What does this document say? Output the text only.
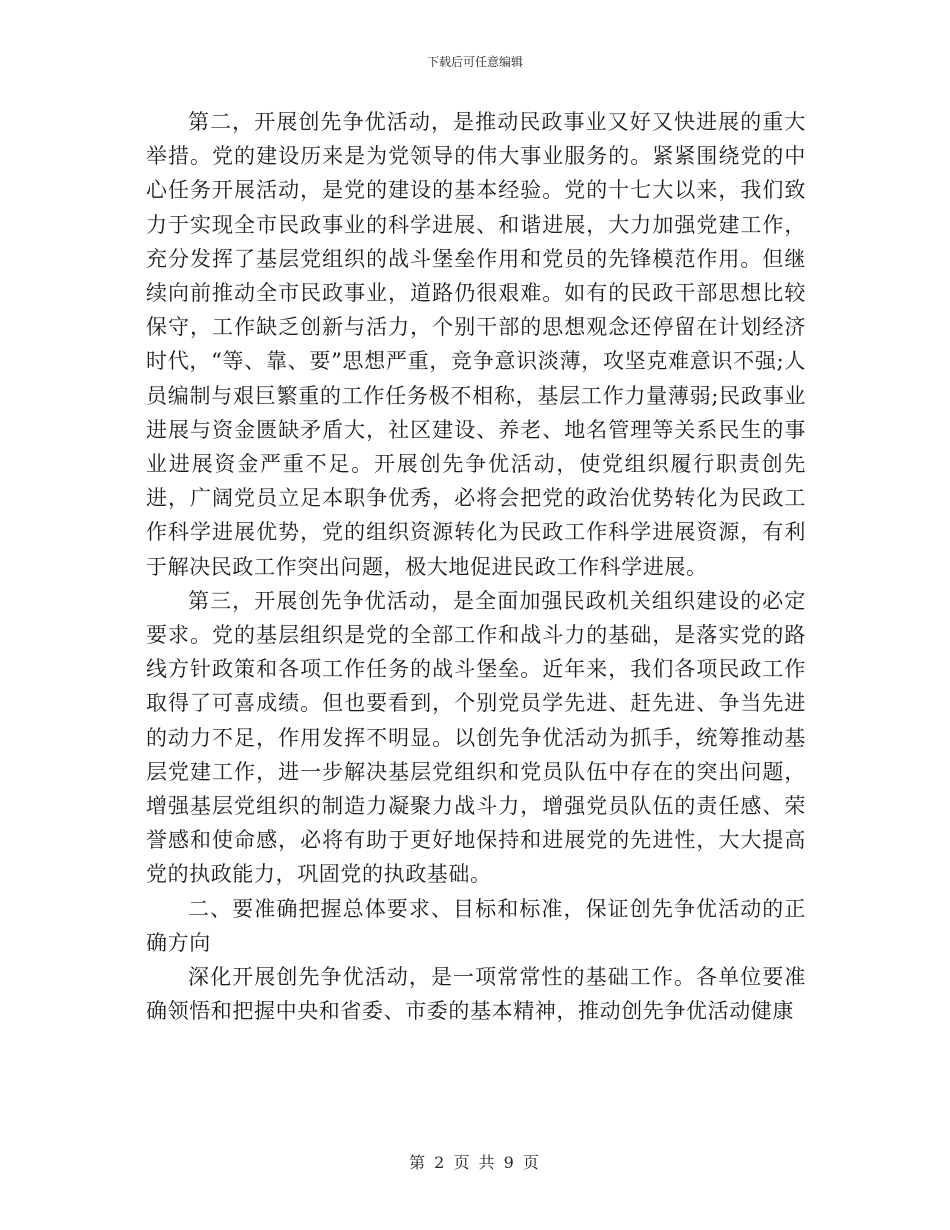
下载后可任意编辑

第二，开展创先争优活动，是推动民政事业又好又快进展的重大举措。党的建设历来是为党领导的伟大事业服务的。紧紧围绕党的中心任务开展活动，是党的建设的基本经验。党的十七大以来，我们致力于实现全市民政事业的科学进展、和谐进展，大力加强党建工作，充分发挥了基层党组织的战斗堡垒作用和党员的先锋模范作用。但继续向前推动全市民政事业，道路仍很艰难。如有的民政干部思想比较保守，工作缺乏创新与活力，个别干部的思想观念还停留在计划经济时代，“等、靠、要”思想严重，竞争意识淡薄，攻坚克难意识不强;人员编制与艰巨繁重的工作任务极不相称，基层工作力量薄弱;民政事业进展与资金匮缺矛盾大，社区建设、养老、地名管理等关系民生的事业进展资金严重不足。开展创先争优活动，使党组织履行职责创先进，广阔党员立足本职争优秀，必将会把党的政治优势转化为民政工作科学进展优势，党的组织资源转化为民政工作科学进展资源，有利于解决民政工作突出问题，极大地促进民政工作科学进展。

第三，开展创先争优活动，是全面加强民政机关组织建设的必定要求。党的基层组织是党的全部工作和战斗力的基础，是落实党的路线方针政策和各项工作任务的战斗堡垒。近年来，我们各项民政工作取得了可喜成绩。但也要看到，个别党员学先进、赶先进、争当先进的动力不足，作用发挥不明显。以创先争优活动为抓手，统筹推动基层党建工作，进一步解决基层党组织和党员队伍中存在的突出问题，增强基层党组织的制造力凝聚力战斗力，增强党员队伍的责任感、荣誉感和使命感，必将有助于更好地保持和进展党的先进性，大大提高党的执政能力，巩固党的执政基础。

二、要准确把握总体要求、目标和标准，保证创先争优活动的正确方向

深化开展创先争优活动，是一项常常性的基础工作。各单位要准确领悟和把握中央和省委、市委的基本精神，推动创先争优活动健康

第 2 页 共 9 页
